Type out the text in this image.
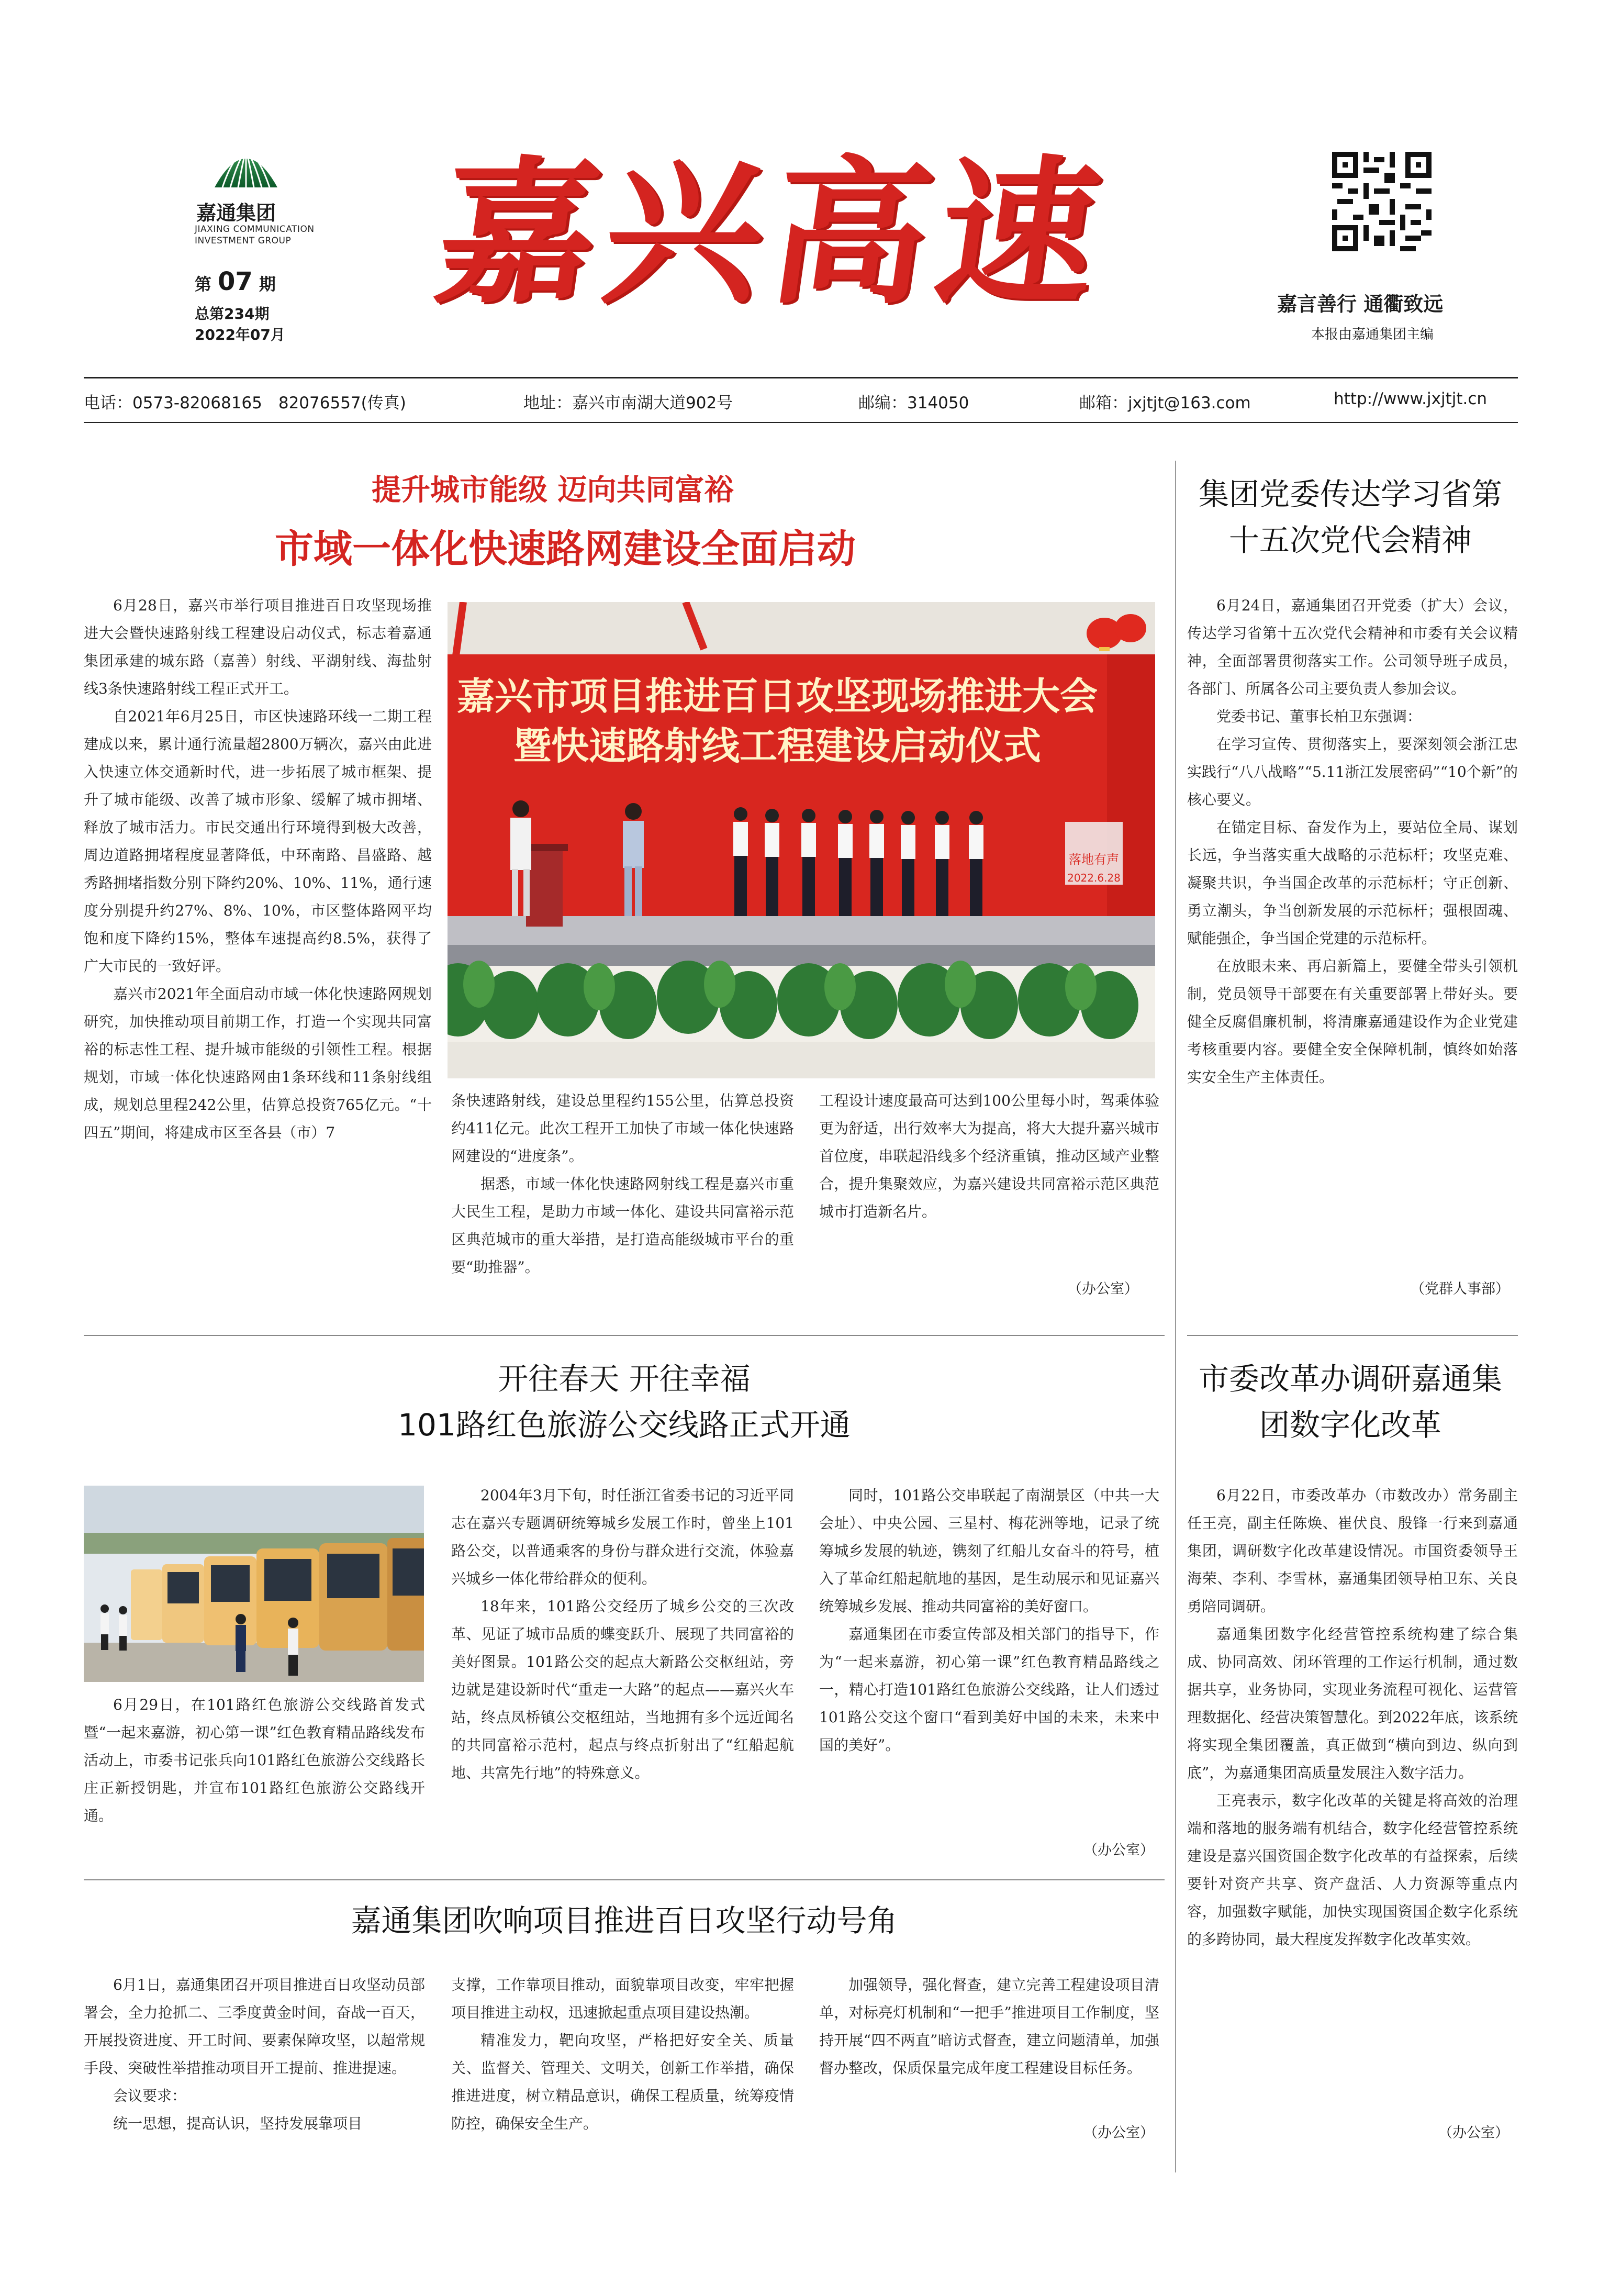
嘉通集团
JIAXING COMMUNICATION
INVESTMENT GROUP
第 07 期
总第234期
2022年07月
嘉兴高速	嘉言善行 通衢致远
本报由嘉通集团主编
电话：0573-82068165　82076557(传真)	地址：嘉兴市南湖大道902号	邮编：314050	邮箱：jxjtjt@163.com	http://www.jxjtjt.cn
提升城市能级 迈向共同富裕
市域一体化快速路网建设全面启动

6月28日，嘉兴市举行项目推进百日攻坚现场推进大会暨快速路射线工程建设启动仪式，标志着嘉通集团承建的城东路（嘉善）射线、平湖射线、海盐射线3条快速路射线工程正式开工。

自2021年6月25日，市区快速路环线一二期工程建成以来，累计通行流量超2800万辆次，嘉兴由此进入快速立体交通新时代，进一步拓展了城市框架、提升了城市能级、改善了城市形象、缓解了城市拥堵、释放了城市活力。市民交通出行环境得到极大改善，周边道路拥堵程度显著降低，中环南路、昌盛路、越秀路拥堵指数分别下降约20%、10%、11%，通行速度分别提升约27%、8%、10%，市区整体路网平均饱和度下降约15%，整体车速提高约8.5%，获得了广大市民的一致好评。

嘉兴市2021年全面启动市域一体化快速路网规划研究，加快推动项目前期工作，打造一个实现共同富裕的标志性工程、提升城市能级的引领性工程。根据规划，市域一体化快速路网由1条环线和11条射线组成，规划总里程242公里，估算总投资765亿元。“十四五”期间，将建成市区至各县（市）7

落地有声
2022.6.28
嘉兴市项目推进百日攻坚现场推进大会
暨快速路射线工程建设启动仪式

条快速路射线，建设总里程约155公里，估算总投资约411亿元。此次工程开工加快了市域一体化快速路网建设的“进度条”。

据悉，市域一体化快速路网射线工程是嘉兴市重大民生工程，是助力市域一体化、建设共同富裕示范区典范城市的重大举措，是打造高能级城市平台的重要“助推器”。

工程设计速度最高可达到100公里每小时，驾乘体验更为舒适，出行效率大为提高，将大大提升嘉兴城市首位度，串联起沿线多个经济重镇，推动区域产业整合，提升集聚效应，为嘉兴建设共同富裕示范区典范城市打造新名片。

（办公室）
集团党委传达学习省第十五次党代会精神

6月24日，嘉通集团召开党委（扩大）会议，传达学习省第十五次党代会精神和市委有关会议精神，全面部署贯彻落实工作。公司领导班子成员，各部门、所属各公司主要负责人参加会议。

党委书记、董事长柏卫东强调：

在学习宣传、贯彻落实上，要深刻领会浙江忠实践行“八八战略”“5.11浙江发展密码”“10个新”的核心要义。

在锚定目标、奋发作为上，要站位全局、谋划长远，争当落实重大战略的示范标杆；攻坚克难、凝聚共识，争当国企改革的示范标杆；守正创新、勇立潮头，争当创新发展的示范标杆；强根固魂、赋能强企，争当国企党建的示范标杆。

在放眼未来、再启新篇上，要健全带头引领机制，党员领导干部要在有关重要部署上带好头。要健全反腐倡廉机制，将清廉嘉通建设作为企业党建考核重要内容。要健全安全保障机制，慎终如始落实安全生产主体责任。

（党群人事部）
开往春天 开往幸福
101路红色旅游公交线路正式开通

6月29日，在101路红色旅游公交线路首发式暨“一起来嘉游，初心第一课”红色教育精品路线发布活动上，市委书记张兵向101路红色旅游公交线路长庄正新授钥匙，并宣布101路红色旅游公交路线开通。

2004年3月下旬，时任浙江省委书记的习近平同志在嘉兴专题调研统筹城乡发展工作时，曾坐上101路公交，以普通乘客的身份与群众进行交流，体验嘉兴城乡一体化带给群众的便利。

18年来，101路公交经历了城乡公交的三次改革、见证了城市品质的蝶变跃升、展现了共同富裕的美好图景。101路公交的起点大新路公交枢纽站，旁边就是建设新时代“重走一大路”的起点——嘉兴火车站，终点凤桥镇公交枢纽站，当地拥有多个远近闻名的共同富裕示范村，起点与终点折射出了“红船起航地、共富先行地”的特殊意义。

同时，101路公交串联起了南湖景区（中共一大会址）、中央公园、三星村、梅花洲等地，记录了统筹城乡发展的轨迹，镌刻了红船儿女奋斗的符号，植入了革命红船起航地的基因，是生动展示和见证嘉兴统筹城乡发展、推动共同富裕的美好窗口。

嘉通集团在市委宣传部及相关部门的指导下，作为“一起来嘉游，初心第一课”红色教育精品路线之一，精心打造101路红色旅游公交线路，让人们透过101路公交这个窗口“看到美好中国的未来，未来中国的美好”。

（办公室）
市委改革办调研嘉通集团数字化改革

6月22日，市委改革办（市数改办）常务副主任王亮，副主任陈焕、崔伏良、殷锋一行来到嘉通集团，调研数字化改革建设情况。市国资委领导王海荣、李利、李雪林，嘉通集团领导柏卫东、关良勇陪同调研。

嘉通集团数字化经营管控系统构建了综合集成、协同高效、闭环管理的工作运行机制，通过数据共享，业务协同，实现业务流程可视化、运营管理数据化、经营决策智慧化。到2022年底，该系统将实现全集团覆盖，真正做到“横向到边、纵向到底”，为嘉通集团高质量发展注入数字活力。

王亮表示，数字化改革的关键是将高效的治理端和落地的服务端有机结合，数字化经营管控系统建设是嘉兴国资国企数字化改革的有益探索，后续要针对资产共享、资产盘活、人力资源等重点内容，加强数字赋能，加快实现国资国企数字化系统的多跨协同，最大程度发挥数字化改革实效。

（办公室）
嘉通集团吹响项目推进百日攻坚行动号角

6月1日，嘉通集团召开项目推进百日攻坚动员部署会，全力抢抓二、三季度黄金时间，奋战一百天，开展投资进度、开工时间、要素保障攻坚，以超常规手段、突破性举措推动项目开工提前、推进提速。

会议要求：

统一思想，提高认识，坚持发展靠项目

支撑，工作靠项目推动，面貌靠项目改变，牢牢把握项目推进主动权，迅速掀起重点项目建设热潮。

精准发力，靶向攻坚，严格把好安全关、质量关、监督关、管理关、文明关，创新工作举措，确保推进进度，树立精品意识，确保工程质量，统筹疫情防控，确保安全生产。

加强领导，强化督查，建立完善工程建设项目清单，对标亮灯机制和“一把手”推进项目工作制度，坚持开展“四不两直”暗访式督查，建立问题清单，加强督办整改，保质保量完成年度工程建设目标任务。

（办公室）
